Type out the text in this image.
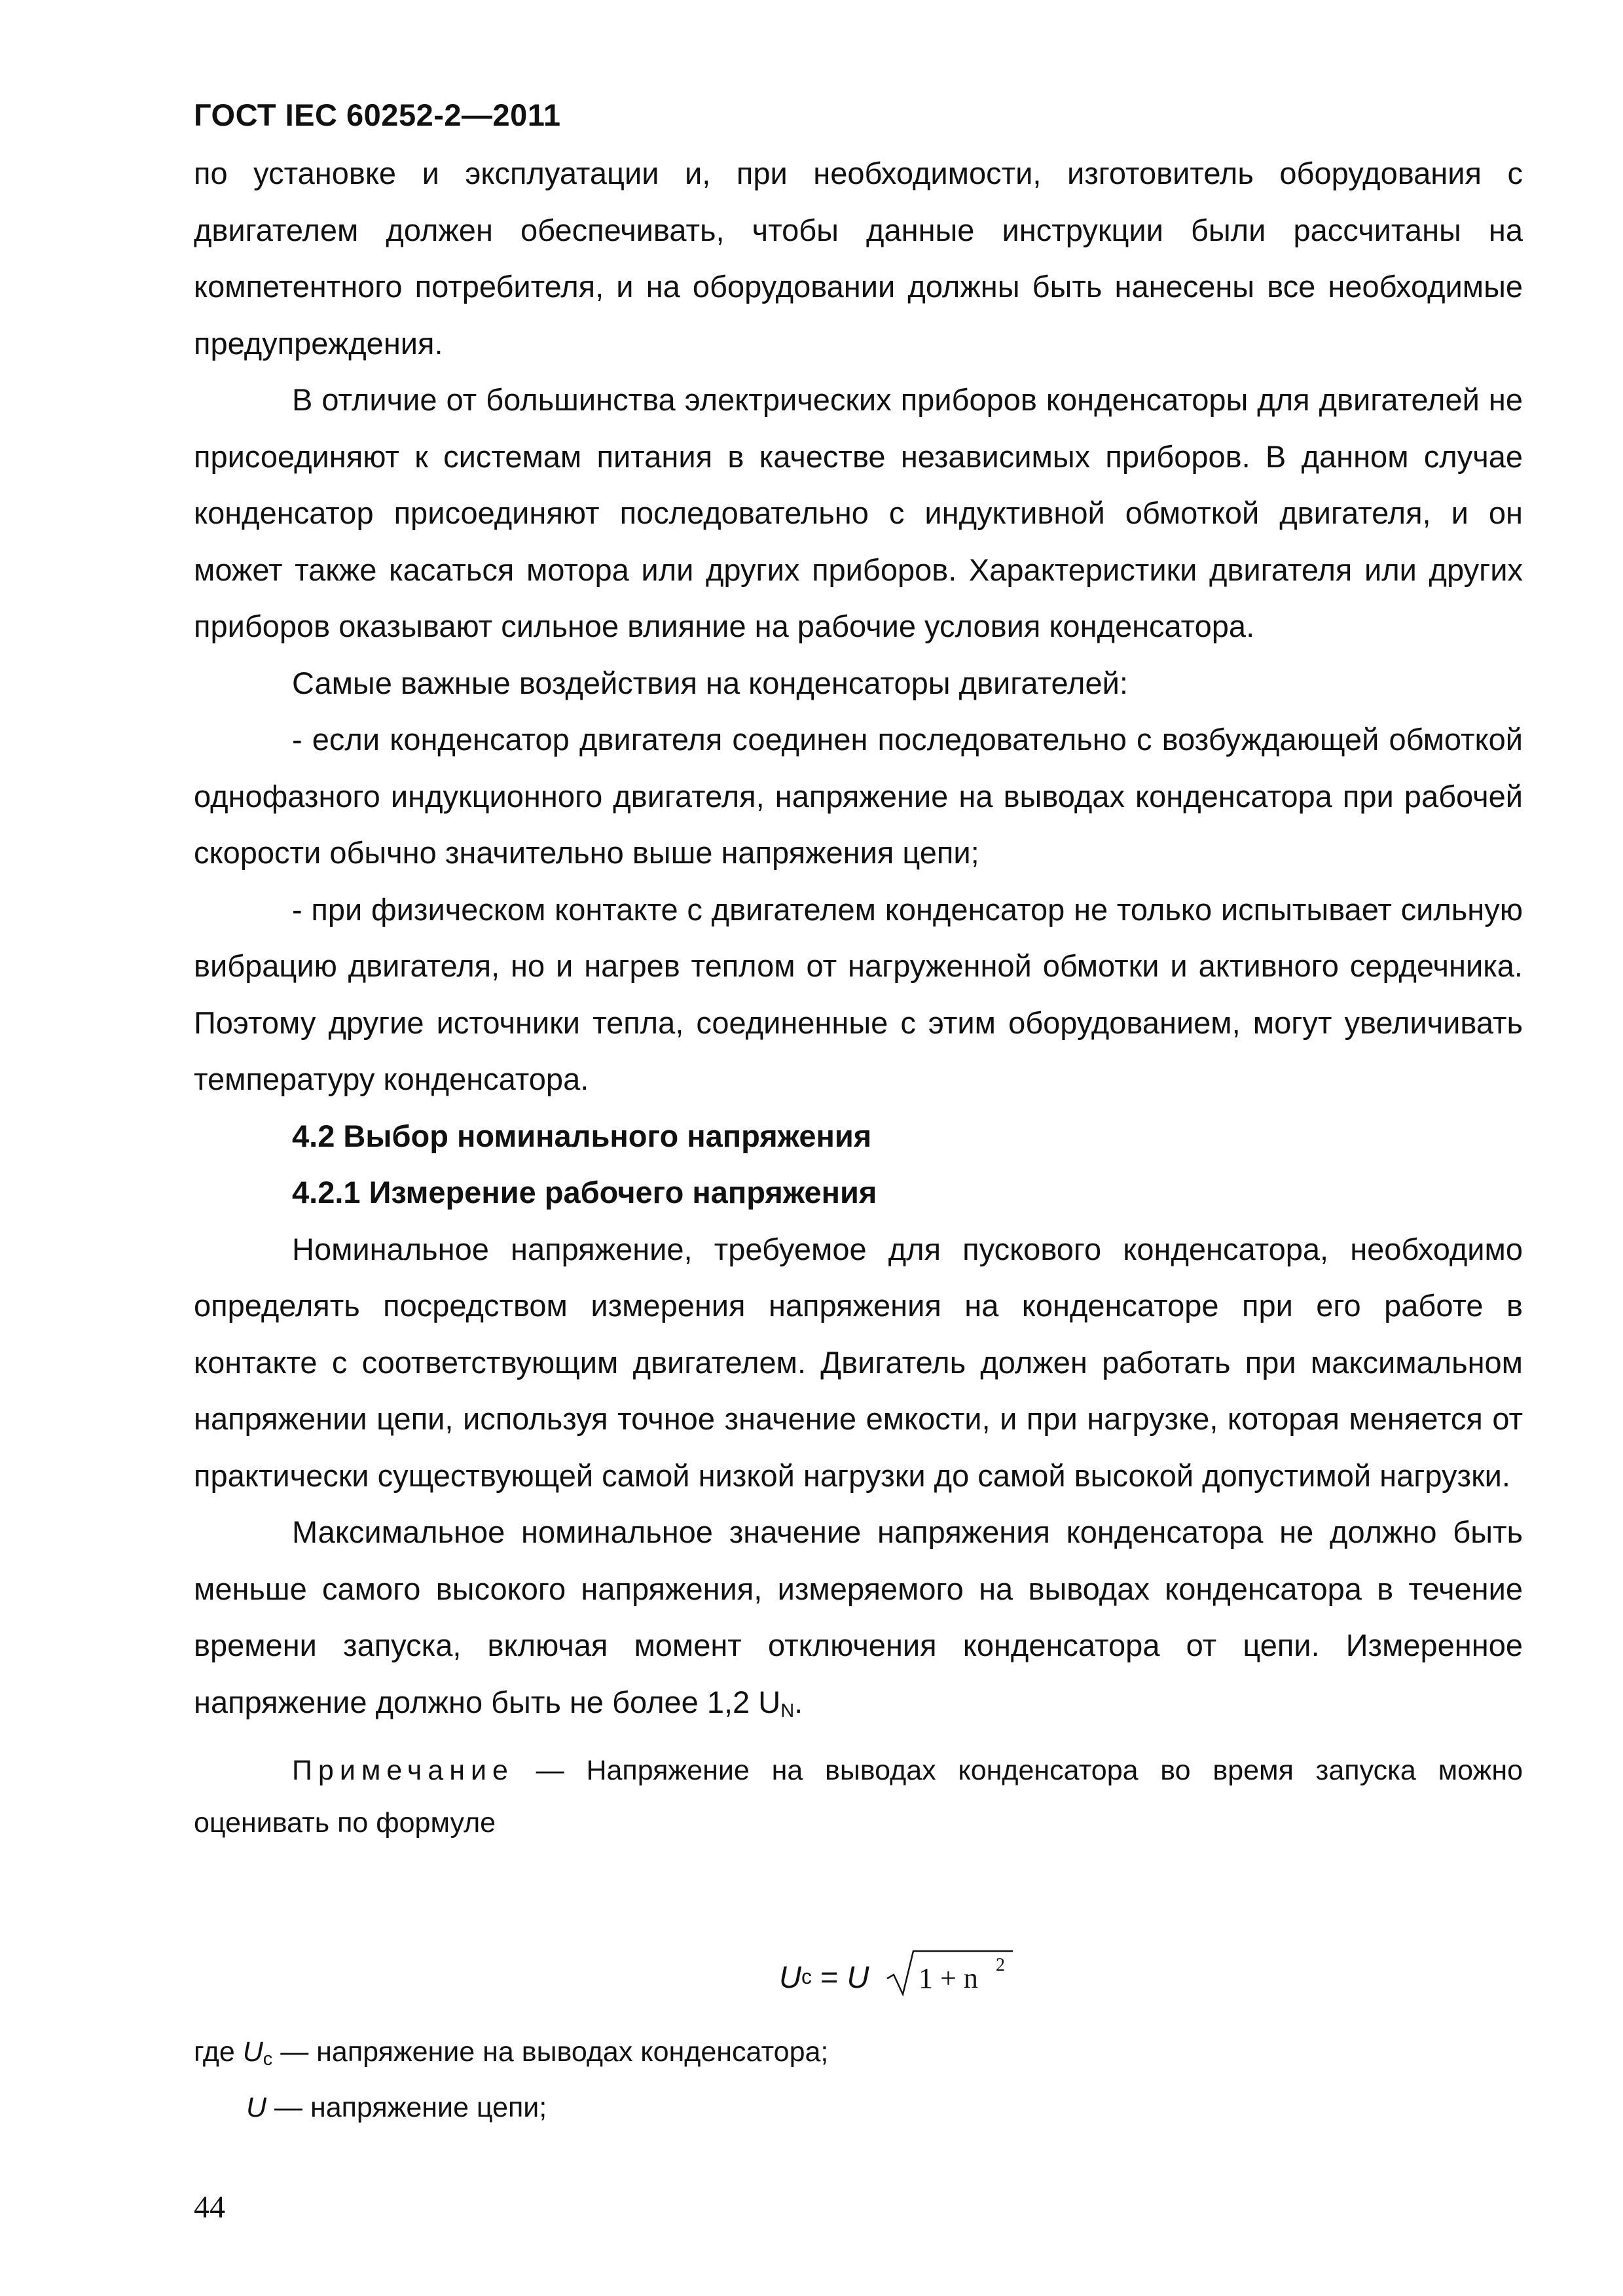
ГОСТ IEC 60252-2—2011

по установке и эксплуатации и, при необходимости, изготовитель оборудования с двигателем должен обеспечивать, чтобы данные инструкции были рассчитаны на компетентного потребителя, и на оборудовании должны быть нанесены все необходимые предупреждения.

В отличие от большинства электрических приборов конденсаторы для двигателей не присоединяют к системам питания в качестве независимых приборов. В данном случае конденсатор присоединяют последовательно с индуктивной обмоткой двигателя, и он может также касаться мотора или других приборов. Характеристики двигателя или других приборов оказывают сильное влияние на рабочие условия конденсатора.

Самые важные воздействия на конденсаторы двигателей:

- если конденсатор двигателя соединен последовательно с возбуждающей обмоткой однофазного индукционного двигателя, напряжение на выводах конденсатора при рабочей скорости обычно значительно выше напряжения цепи;

- при физическом контакте с двигателем конденсатор не только испытывает сильную вибрацию двигателя, но и нагрев теплом от нагруженной обмотки и активного сердечника. Поэтому другие источники тепла, соединенные с этим оборудованием, могут увеличивать температуру конденсатора.

4.2 Выбор номинального напряжения

4.2.1 Измерение рабочего напряжения

Номинальное напряжение, требуемое для пускового конденсатора, необходимо определять посредством измерения напряжения на конденсаторе при его работе в контакте с соответствующим двигателем. Двигатель должен работать при максимальном напряжении цепи, используя точное значение емкости, и при нагрузке, которая меняется от практически существующей самой низкой нагрузки до самой высокой допустимой нагрузки.

Максимальное номинальное значение напряжения конденсатора не должно быть меньше самого высокого напряжения, измеряемого на выводах конденсатора в течение времени запуска, включая момент отключения конденсатора от цепи. Измеренное напряжение должно быть не более 1,2 $U_N$.

Примечание — Напряжение на выводах конденсатора во время запуска можно оценивать по формуле

U c = U 1 + n 2
где $U_c$ — напряжение на выводах конденсатора;
U — напряжение цепи;
44
